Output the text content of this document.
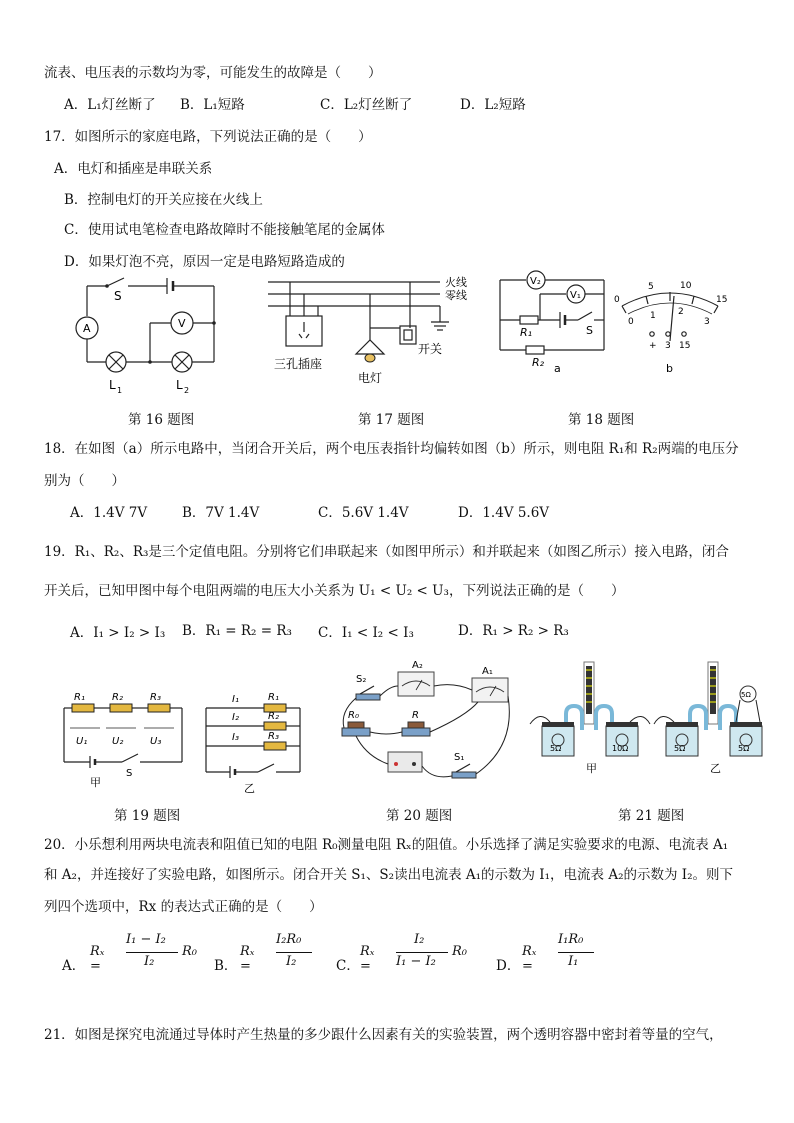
流表、电压表的示数均为零，可能发生的故障是（　　）
A．L₁灯丝断了 B．L₁短路	C．L₂灯丝断了	D．L₂短路
17．如图所示的家庭电路，下列说法正确的是（　　）
A．电灯和插座是串联关系
B．控制电灯的开关应接在火线上
C．使用试电笔检查电路故障时不能接触笔尾的金属体
D．如果灯泡不亮，原因一定是电路短路造成的
S
A	V
L 1	L 2
火线
零线
三孔插座
开关
电灯
V₂
V₁
R₁
R₂
S
a
0
5	10
15
0
1 2
3
+ 3 15
b
第 16 题图	第 17 题图	第 18 题图
18．在如图（a）所示电路中，当闭合开关后，两个电压表指针均偏转如图（b）所示，则电阻 R₁和 R₂两端的电压分
别为（　　）
A．1.4V 7V	B．7V 1.4V	C．5.6V 1.4V	D．1.4V 5.6V
19．R₁、R₂、R₃是三个定值电阻。分别将它们串联起来（如图甲所示）和并联起来（如图乙所示）接入电路，闭合
开关后，已知甲图中每个电阻两端的电压大小关系为 U₁ < U₂ < U₃，下列说法正确的是（　　）
A．I₁ > I₂ > I₃ B．R₁ = R₂ = R₃ C．I₁ < I₂ < I₃	D．R₁ > R₂ > R₃
R₁	R₂	R₃
U₁ U₂	U₃
S
甲
I₁
I₂
I₃
R₁
R₂
R₃
乙
A₂
A₁
S₂
R₀	R
S₁
5Ω	10Ω
甲
5Ω	5Ω
5Ω
乙
第 19 题图	第 20 题图	第 21 题图
20．小乐想利用两块电流表和阻值已知的电阻 R₀测量电阻 Rₓ的阻值。小乐选择了满足实验要求的电源、电流表 A₁
和 A₂，并连接好了实验电路，如图所示。闭合开关 S₁、S₂读出电流表 A₁的示数为 I₁，电流表 A₂的示数为 I₂。则下
列四个选项中，Rx 的表达式正确的是（　　）
A．
Rₓ =
I₁ − I₂
I₂
R₀
B．
Rₓ =
I₂R₀
I₂	C．
Rₓ =
I₂
I₁ − I₂
R₀
D．
Rₓ =
I₁R₀
I₁
21．如图是探究电流通过导体时产生热量的多少跟什么因素有关的实验装置，两个透明容器中密封着等量的空气，
